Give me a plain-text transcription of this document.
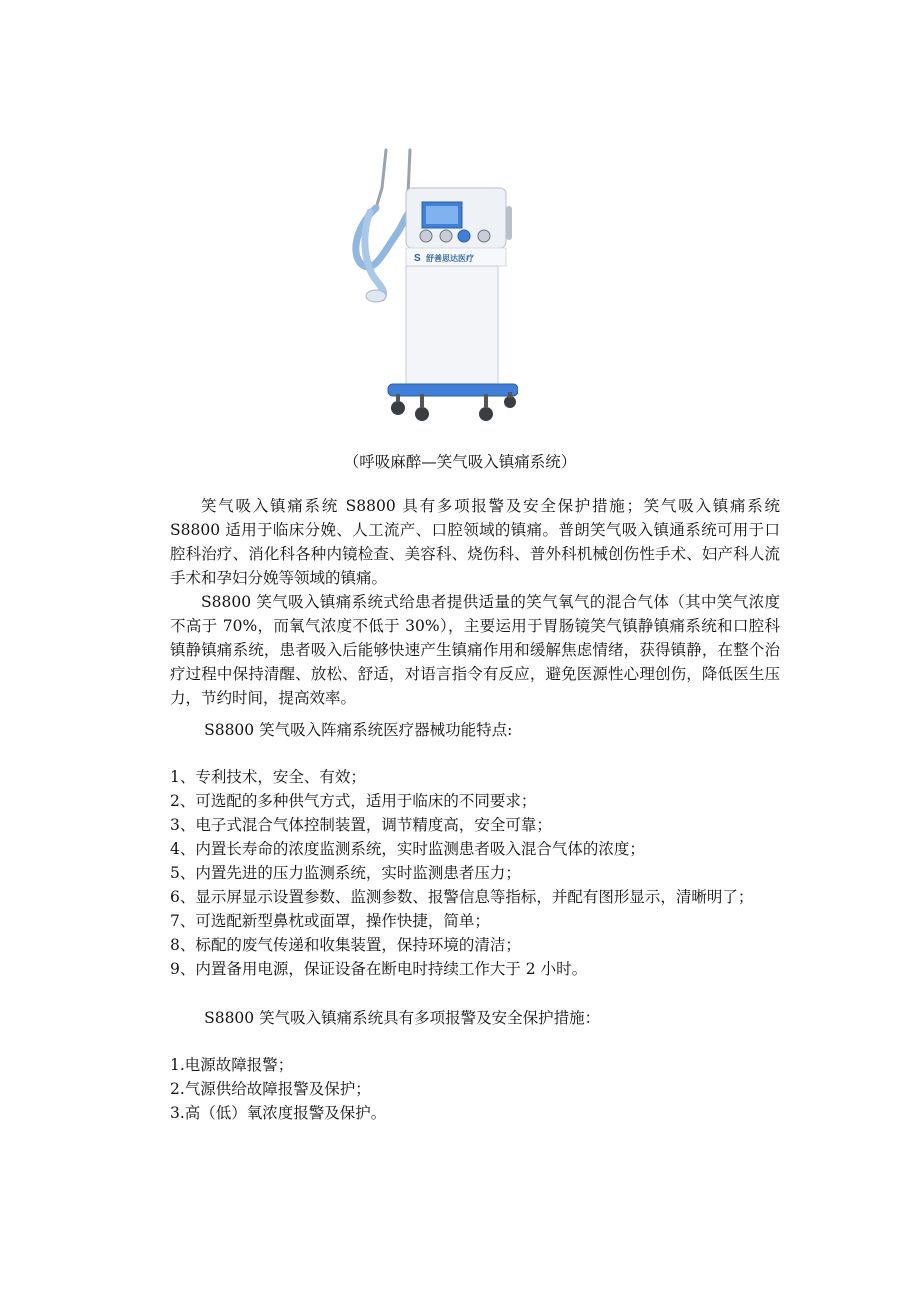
S 舒善思达医疗
（呼吸麻醉—笑气吸入镇痛系统）

笑气吸入镇痛系统 S8800 具有多项报警及安全保护措施；笑气吸入镇痛系统 S8800 适用于临床分娩、人工流产、口腔领域的镇痛。普朗笑气吸入镇通系统可用于口腔科治疗、消化科各种内镜检查、美容科、烧伤科、普外科机械创伤性手术、妇产科人流手术和孕妇分娩等领域的镇痛。

S8800 笑气吸入镇痛系统式给患者提供适量的笑气氧气的混合气体（其中笑气浓度不高于 70%，而氧气浓度不低于 30%），主要运用于胃肠镜笑气镇静镇痛系统和口腔科镇静镇痛系统，患者吸入后能够快速产生镇痛作用和缓解焦虑情绪，获得镇静，在整个治疗过程中保持清醒、放松、舒适，对语言指令有反应，避免医源性心理创伤，降低医生压力，节约时间，提高效率。

S8800 笑气吸入阵痛系统医疗器械功能特点:

1、专利技术，安全、有效；
2、可选配的多种供气方式，适用于临床的不同要求；
3、电子式混合气体控制装置，调节精度高，安全可靠；
4、内置长寿命的浓度监测系统，实时监测患者吸入混合气体的浓度；
5、内置先进的压力监测系统，实时监测患者压力；
6、显示屏显示设置参数、监测参数、报警信息等指标，并配有图形显示，清晰明了；
7、可选配新型鼻枕或面罩，操作快捷，简单；
8、标配的废气传递和收集装置，保持环境的清洁；
9、内置备用电源，保证设备在断电时持续工作大于 2 小时。

S8800 笑气吸入镇痛系统具有多项报警及安全保护措施：

1.电源故障报警；
2.气源供给故障报警及保护；
3.高（低）氧浓度报警及保护。
